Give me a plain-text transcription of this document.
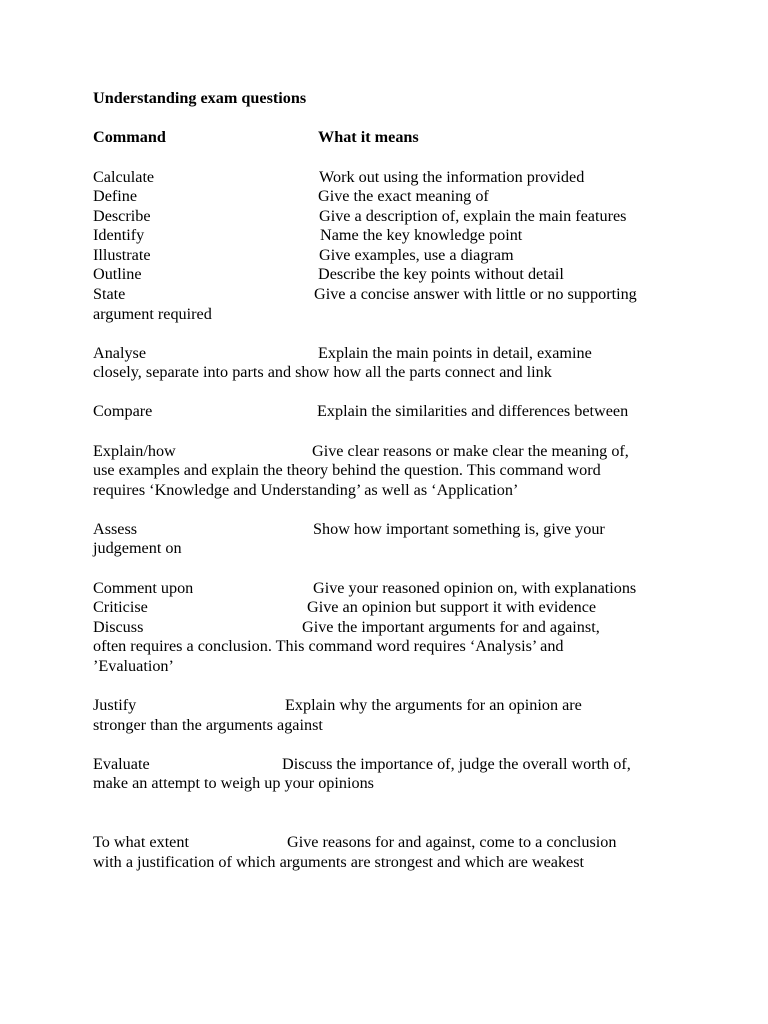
Understanding exam questions
Command	What it means
Calculate	Work out using the information provided
Define	Give the exact meaning of
Describe	Give a description of, explain the main features
Identify	Name the key knowledge point
Illustrate	Give examples, use a diagram
Outline	Describe the key points without detail
State	Give a concise answer with little or no supporting
argument required
Analyse	Explain the main points in detail, examine
closely, separate into parts and show how all the parts connect and link
Compare	Explain the similarities and differences between
Explain/how	Give clear reasons or make clear the meaning of,
use examples and explain the theory behind the question. This command word
requires ‘Knowledge and Understanding’ as well as ‘Application’
Assess	Show how important something is, give your
judgement on
Comment upon	Give your reasoned opinion on, with explanations
Criticise	Give an opinion but support it with evidence
Discuss	Give the important arguments for and against,
often requires a conclusion. This command word requires ‘Analysis’ and
’Evaluation’
Justify	Explain why the arguments for an opinion are
stronger than the arguments against
Evaluate	Discuss the importance of, judge the overall worth of,
make an attempt to weigh up your opinions
To what extent	Give reasons for and against, come to a conclusion
with a justification of which arguments are strongest and which are weakest
